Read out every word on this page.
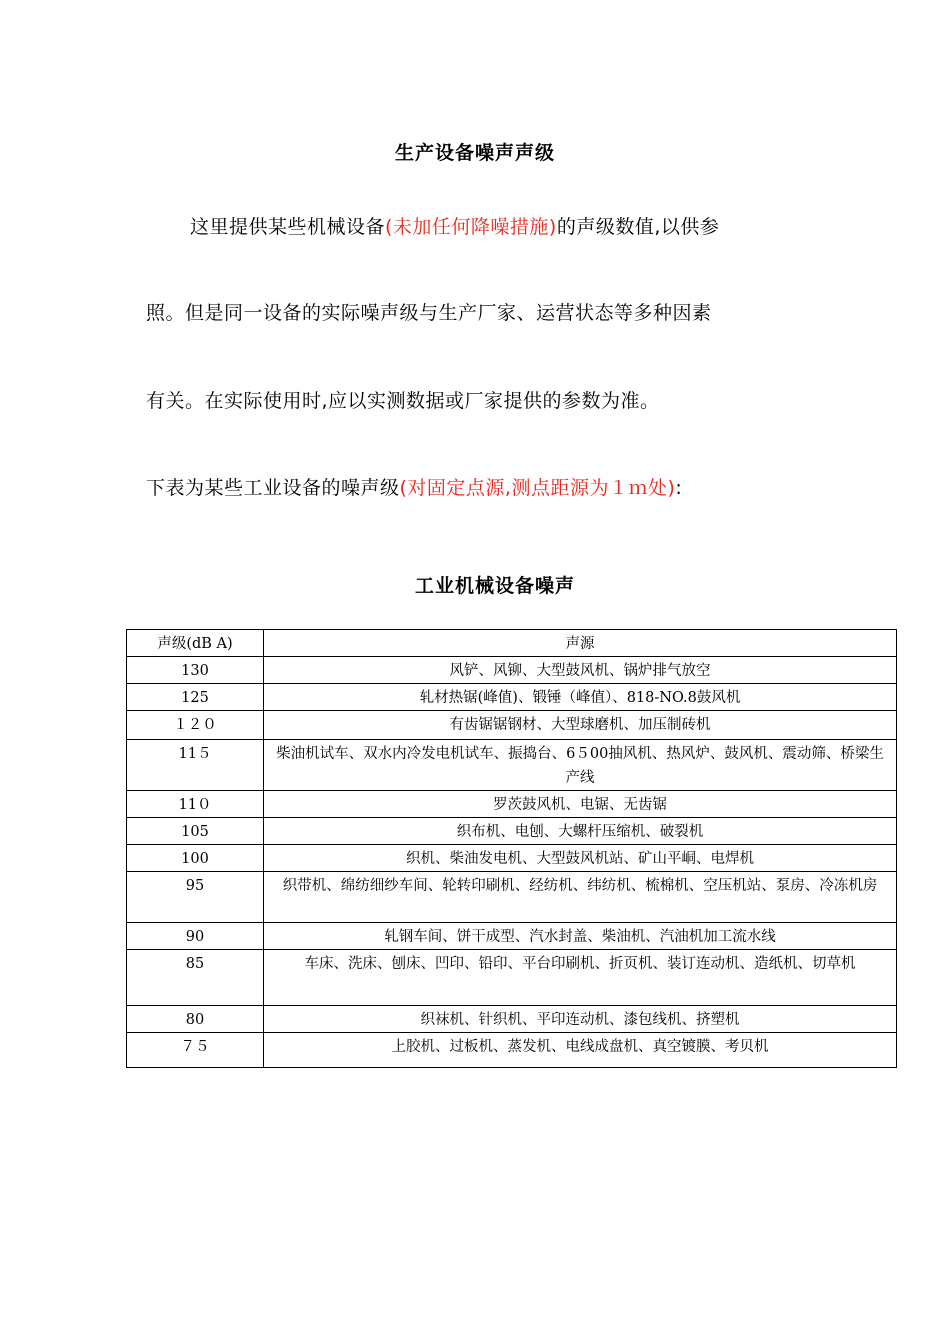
生产设备噪声声级
这里提供某些机械设备(未加任何降噪措施)的声级数值,以供参
照。但是同一设备的实际噪声级与生产厂家、运营状态等多种因素
有关。在实际使用时,应以实测数据或厂家提供的参数为准。
下表为某些工业设备的噪声级(对固定点源,测点距源为１ｍ处):
工业机械设备噪声
声级(dB A)	声源
130	风铲、风铆、大型鼓风机、锅炉排气放空
125	轧材热锯(峰值)、锻锤（峰值）、818-NO.8鼓风机
１２０	有齿锯锯钢材、大型球磨机、加压制砖机
11５	柴油机试车、双水内冷发电机试车、振捣台、6５00抽风机、热风炉、鼓风机、震动筛、桥梁生产线
11０	罗茨鼓风机、电锯、无齿锯
105	织布机、电刨、大螺杆压缩机、破裂机
100	织机、柴油发电机、大型鼓风机站、矿山平峒、电焊机
95	织带机、绵纺细纱车间、轮转印刷机、经纺机、纬纺机、梳棉机、空压机站、泵房、冷冻机房
90	轧钢车间、饼干成型、汽水封盖、柴油机、汽油机加工流水线
85	车床、洗床、刨床、凹印、铅印、平台印刷机、折页机、装订连动机、造纸机、切草机
80	织袜机、针织机、平印连动机、漆包线机、挤塑机
７５	上胶机、过板机、蒸发机、电线成盘机、真空镀膜、考贝机
